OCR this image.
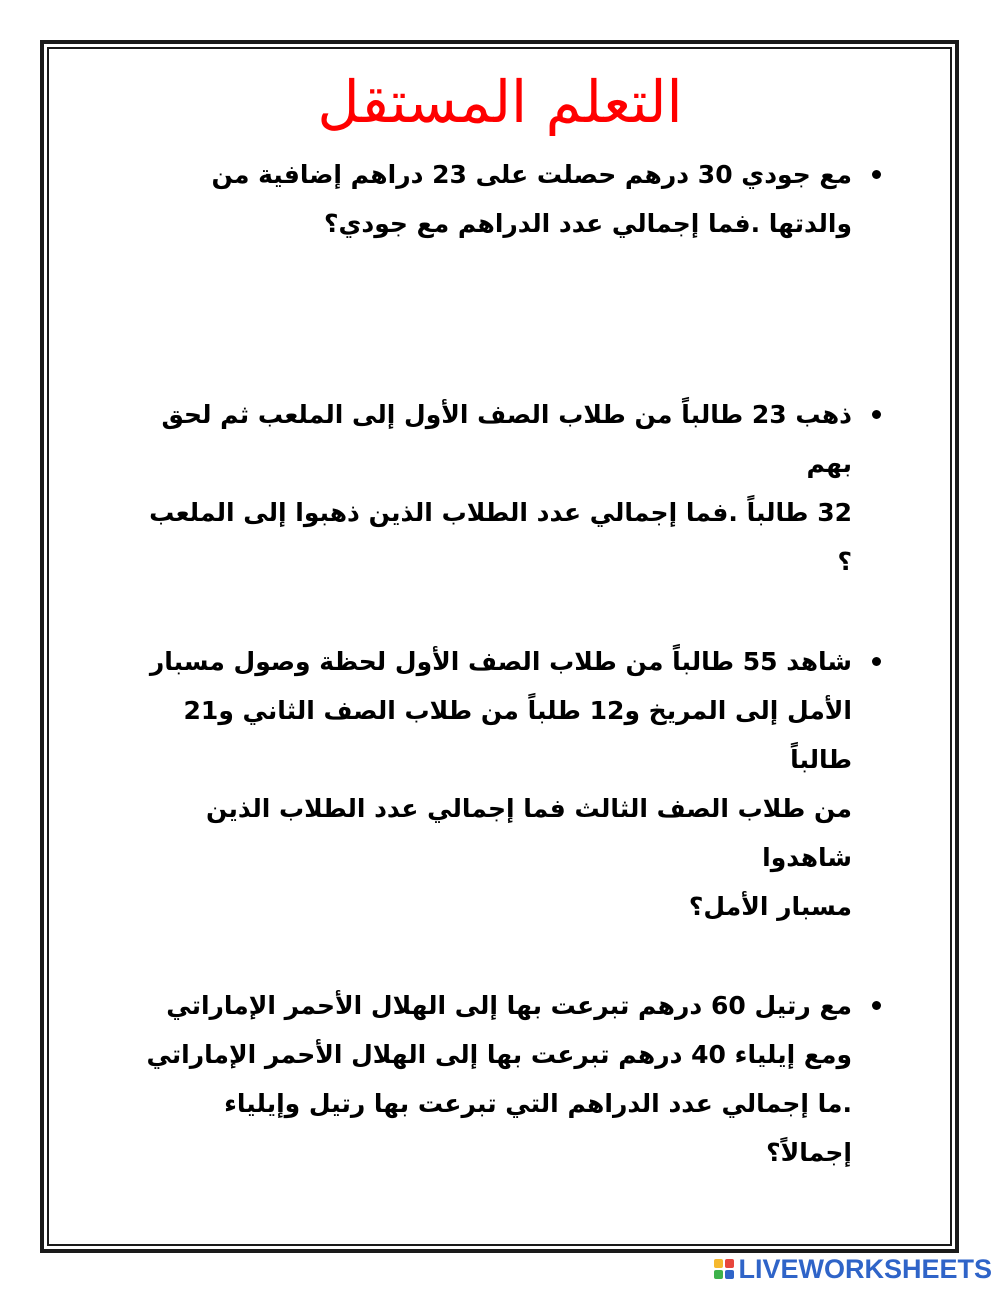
التعلم المستقل
مع جودي 30 درهم حصلت على 23 دراهم إضافية من
والدتها .فما إجمالي عدد الدراهم مع جودي؟
ذهب 23 طالباً من طلاب الصف الأول إلى الملعب ثم لحق بهم
32 طالباً .فما إجمالي عدد الطلاب الذين ذهبوا إلى الملعب ؟
شاهد 55 طالباً من طلاب الصف الأول لحظة وصول مسبار
الأمل إلى المريخ و12 طلباً من طلاب الصف الثاني و21 طالباً
من طلاب الصف الثالث فما إجمالي عدد الطلاب الذين شاهدوا
مسبار الأمل؟
مع رتيل 60 درهم تبرعت بها إلى الهلال الأحمر الإماراتي
ومع إيلياء 40 درهم تبرعت بها إلى الهلال الأحمر الإماراتي
.ما إجمالي عدد الدراهم التي تبرعت بها رتيل وإيلياء إجمالاً؟
LIVEWORKSHEETS
